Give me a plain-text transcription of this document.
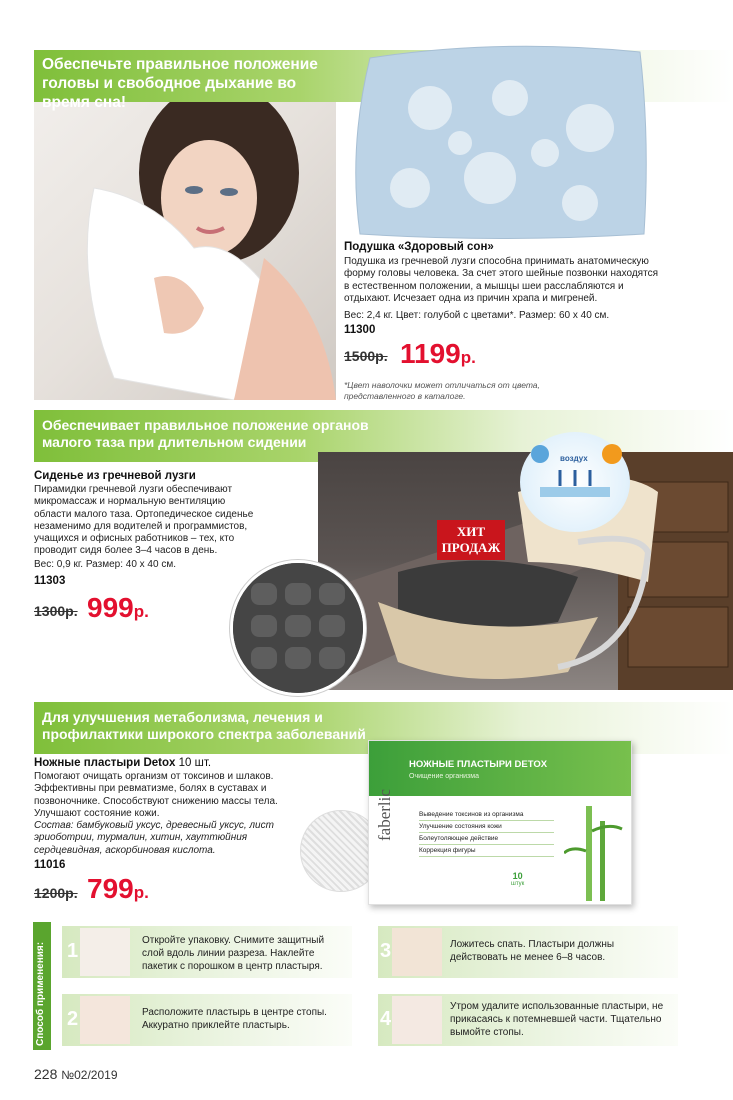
Обеспечьте правильное положение головы и свободное дыхание во время сна!
Подушка «Здоровый сон»
Подушка из гречневой лузги способна принимать анатомическую форму головы человека. За счет этого шейные позвонки находятся в естественном положении, а мышцы шеи расслабляются и отдыхают. Исчезает одна из причин храпа и мигреней.
Вес: 2,4 кг. Цвет: голубой с цветами*. Размер: 60 х 40 см.
11300
1500р. 1199р.
*Цвет наволочки может отличаться от цвета, представленного в каталоге.
Обеспечивает правильное положение органов малого таза при длительном сидении
воздух
ХИТ ПРОДАЖ
Сиденье из гречневой лузги
Пирамидки гречневой лузги обеспечивают микромассаж и нормальную вентиляцию области малого таза. Ортопедическое сиденье незаменимо для водителей и программистов, учащихся и офисных работников – тех, кто проводит сидя более 3–4 часов в день.
Вес: 0,9 кг. Размер: 40 х 40 см.
11303
1300р. 999р.
Для улучшения метаболизма, лечения и профилактики широкого спектра заболеваний
Ножные пластыри Detox 10 шт.
Помогают очищать организм от токсинов и шлаков. Эффективны при ревматизме, болях в суставах и позвоночнике. Способствуют снижению массы тела. Улучшают состояние кожи.
Состав: бамбуковый уксус, древесный уксус, лист эриоботрии, турмалин, хитин, хауттюйния сердцевидная, аскорбиновая кислота.
11016
1200р. 799р.
НОЖНЫЕ ПЛАСТЫРИ DETOX
Очищение организма
faberlic	Выведение токсинов из организма
Улучшение состояния кожи
Болеутоляющее действие
Коррекция фигуры
10
штук
Способ применения: 1	Откройте упаковку. Снимите защитный слой вдоль линии разреза. Наклейте пакетик с порошком в центр пластыря.
2	Расположите пластырь в центре стопы. Аккуратно приклейте пластырь.
3	Ложитесь спать. Пластыри должны действовать не менее 6–8 часов.
4
Утром удалите использованные пластыри, не прикасаясь к потемневшей части. Тщательно вымойте стопы.
228 №02/2019
